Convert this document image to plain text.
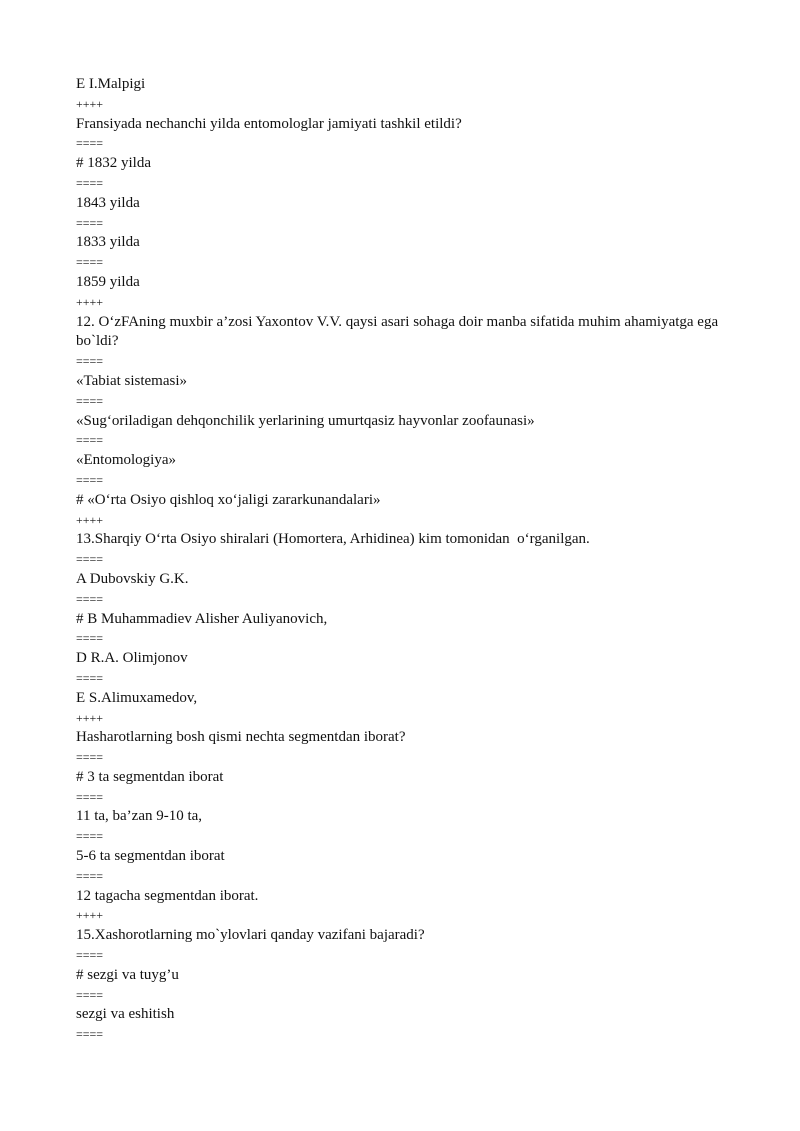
E I.Malpigi

++++

Fransiyada nechanchi yilda entomologlar jamiyati tashkil etildi?

====

# 1832 yilda

====

1843 yilda

====

1833 yilda

====

1859 yilda

++++

12. O‘zFAning muxbir a’zosi Yaxontov V.V. qaysi asari sohaga doir manba sifatida muhim ahamiyatga ega bo`ldi?

====

«Tabiat sistemasi»

====

«Sug‘oriladigan dehqonchilik yerlarining umurtqasiz hayvonlar zoofaunasi»

====

«Entomologiya»

====

# «O‘rta Osiyo qishloq xo‘jaligi zararkunandalari»

++++

13.Sharqiy O‘rta Osiyo shiralari (Homortera, Arhidinea) kim tomonidan  o‘rganilgan.

====

A Dubovskiy G.K.

====

# B Muhammadiev Alisher Auliyanovich,

====

D R.A. Olimjonov

====

E S.Alimuxamedov,

++++

Hasharotlarning bosh qismi nechta segmentdan iborat?

====

# 3 ta segmentdan iborat

====

11 ta, ba’zan 9-10 ta,

====

5-6 ta segmentdan iborat

====

12 tagacha segmentdan iborat.

++++

15.Xashorotlarning mo`ylovlari qanday vazifani bajaradi?

====

# sezgi va tuyg’u

====

sezgi va eshitish

====
